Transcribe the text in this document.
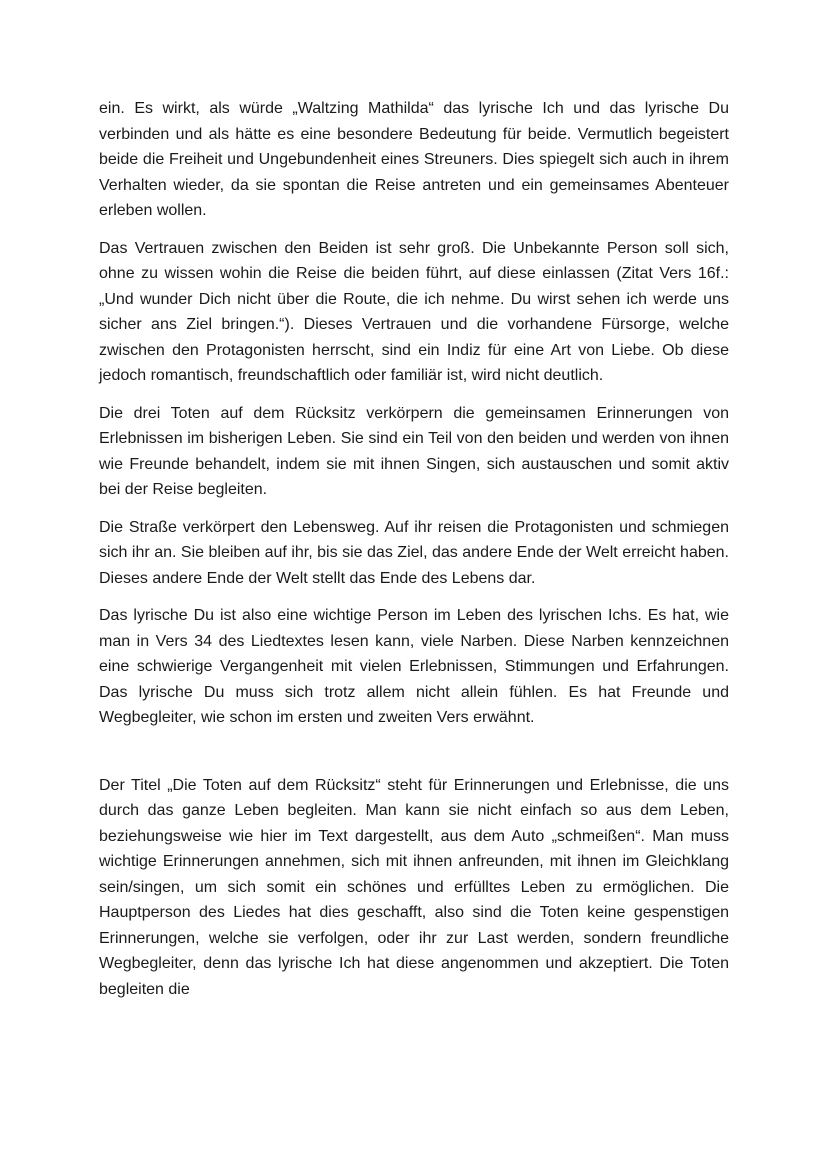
ein. Es wirkt, als würde „Waltzing Mathilda“ das lyrische Ich und das lyrische Du verbinden und als hätte es eine besondere Bedeutung für beide. Vermutlich begeistert beide die Freiheit und Ungebundenheit eines Streuners. Dies spiegelt sich auch in ihrem Verhalten wieder, da sie spontan die Reise antreten und ein gemeinsames Abenteuer erleben wollen.

Das Vertrauen zwischen den Beiden ist sehr groß. Die Unbekannte Person soll sich, ohne zu wissen wohin die Reise die beiden führt, auf diese einlassen (Zitat Vers 16f.: „Und wunder Dich nicht über die Route, die ich nehme. Du wirst sehen ich werde uns sicher ans Ziel bringen.“). Dieses Vertrauen und die vorhandene Fürsorge, welche zwischen den Protagonisten herrscht, sind ein Indiz für eine Art von Liebe. Ob diese jedoch romantisch, freundschaftlich oder familiär ist, wird nicht deutlich.

Die drei Toten auf dem Rücksitz verkörpern die gemeinsamen Erinnerungen von Erlebnissen im bisherigen Leben. Sie sind ein Teil von den beiden und werden von ihnen wie Freunde behandelt, indem sie mit ihnen Singen, sich austauschen und somit aktiv bei der Reise begleiten.

Die Straße verkörpert den Lebensweg. Auf ihr reisen die Protagonisten und schmiegen sich ihr an. Sie bleiben auf ihr, bis sie das Ziel, das andere Ende der Welt erreicht haben. Dieses andere Ende der Welt stellt das Ende des Lebens dar.

Das lyrische Du ist also eine wichtige Person im Leben des lyrischen Ichs. Es hat, wie man in Vers 34 des Liedtextes lesen kann, viele Narben. Diese Narben kennzeichnen eine schwierige Vergangenheit mit vielen Erlebnissen, Stimmungen und Erfahrungen. Das lyrische Du muss sich trotz allem nicht allein fühlen. Es hat Freunde und Wegbegleiter, wie schon im ersten und zweiten Vers erwähnt.

Der Titel „Die Toten auf dem Rücksitz“ steht für Erinnerungen und Erlebnisse, die uns durch das ganze Leben begleiten. Man kann sie nicht einfach so aus dem Leben, beziehungsweise wie hier im Text dargestellt, aus dem Auto „schmeißen“. Man muss wichtige Erinnerungen annehmen, sich mit ihnen anfreunden, mit ihnen im Gleichklang sein/singen, um sich somit ein schönes und erfülltes Leben zu ermöglichen. Die Hauptperson des Liedes hat dies geschafft, also sind die Toten keine gespenstigen Erinnerungen, welche sie verfolgen, oder ihr zur Last werden, sondern freundliche Wegbegleiter, denn das lyrische Ich hat diese angenommen und akzeptiert. Die Toten begleiten die
